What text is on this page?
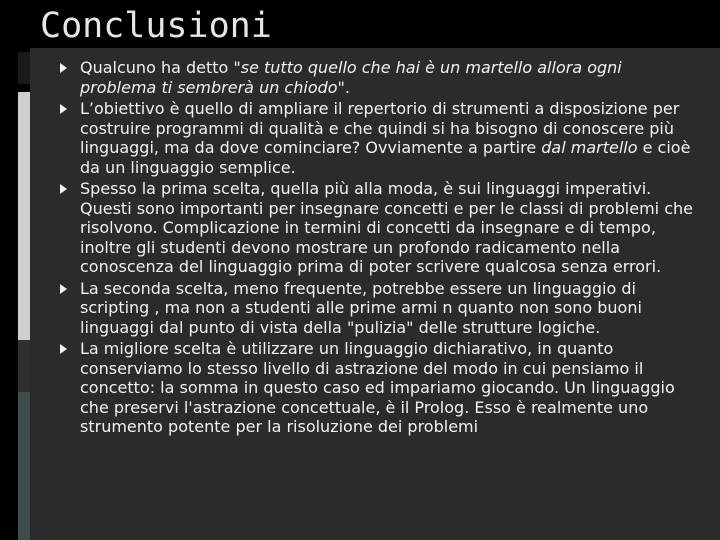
Conclusioni
Qualcuno ha detto "se tutto quello che hai è un martello allora ogni problema ti sembrerà un chiodo".
L’obiettivo è quello di ampliare il repertorio di strumenti a disposizione per costruire programmi di qualità e che quindi si ha bisogno di conoscere più linguaggi, ma da dove cominciare? Ovviamente a partire dal martello e cioè da un linguaggio semplice.
Spesso la prima scelta, quella più alla moda, è sui linguaggi imperativi. Questi sono importanti per insegnare concetti e per le classi di problemi che risolvono. Complicazione in termini di concetti da insegnare e di tempo, inoltre gli studenti devono mostrare un profondo radicamento nella conoscenza del linguaggio prima di poter scrivere qualcosa senza errori.
La seconda scelta, meno frequente, potrebbe essere un linguaggio di scripting , ma non a studenti alle prime armi n quanto non sono buoni linguaggi dal punto di vista della "pulizia" delle strutture logiche.
La migliore scelta è utilizzare un linguaggio dichiarativo, in quanto conserviamo lo stesso livello di astrazione del modo in cui pensiamo il concetto: la somma in questo caso ed impariamo giocando. Un linguaggio che preservi l'astrazione concettuale, è il Prolog. Esso è realmente uno strumento potente per la risoluzione dei problemi
